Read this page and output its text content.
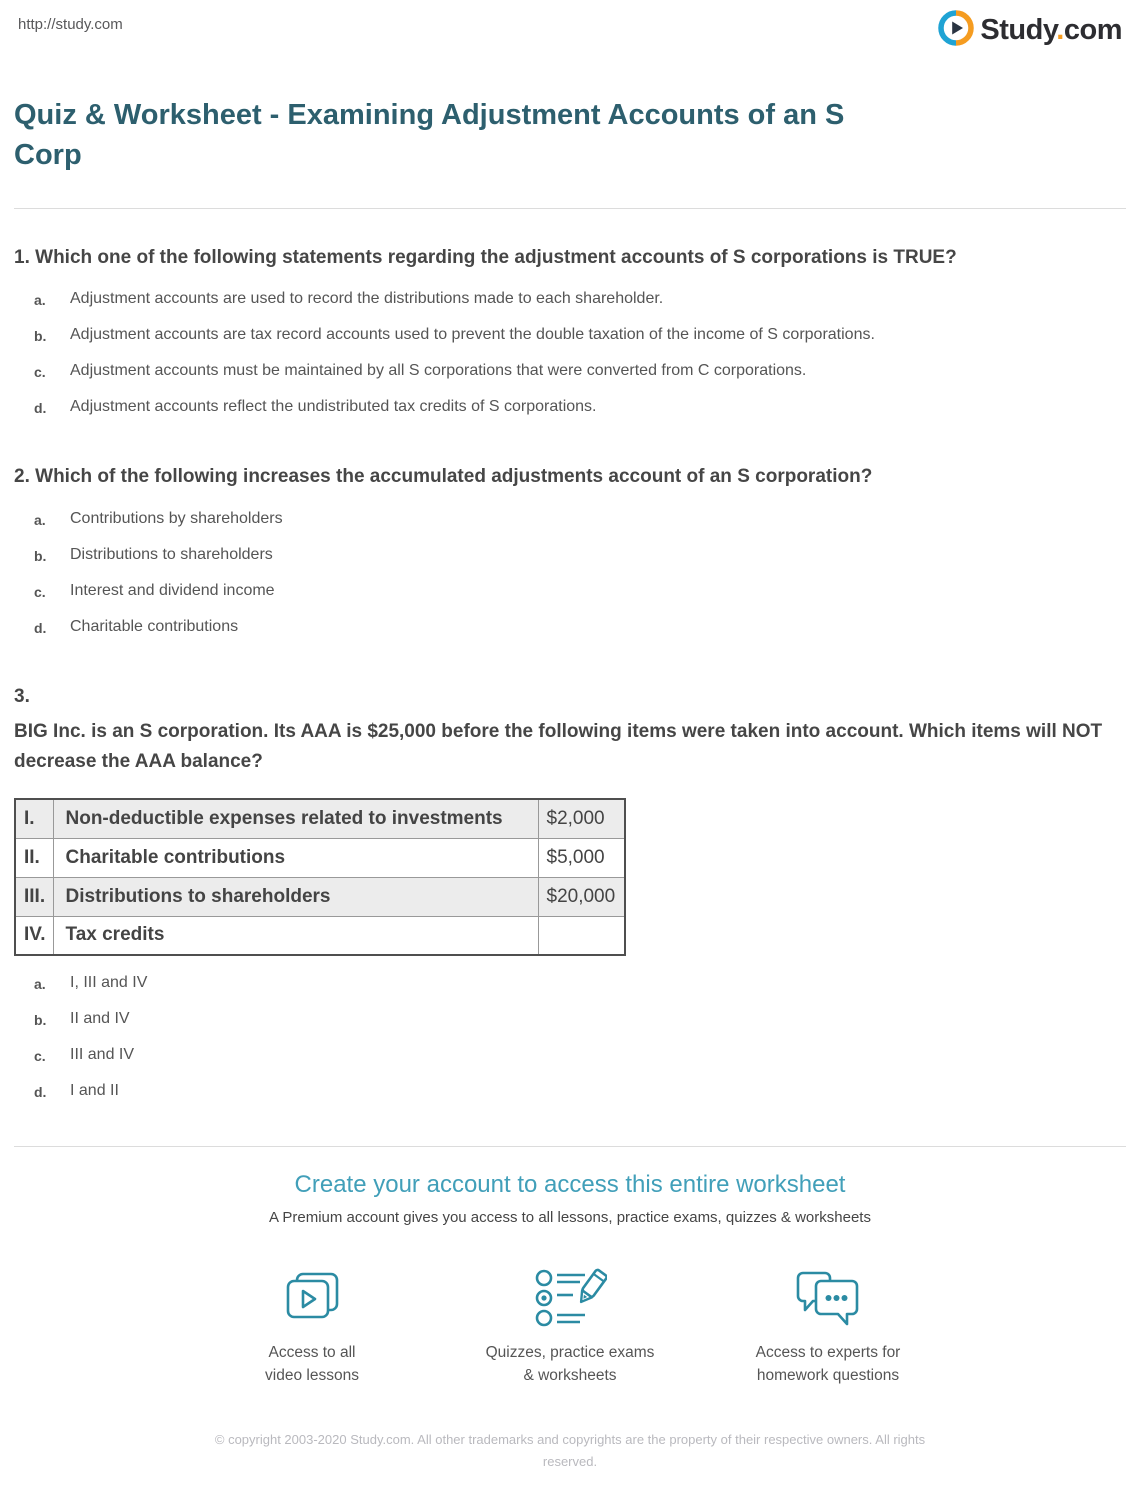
http://study.com	Study.com
Quiz & Worksheet - Examining Adjustment Accounts of an S Corp
1. Which one of the following statements regarding the adjustment accounts of S corporations is TRUE?
a.	Adjustment accounts are used to record the distributions made to each shareholder.
b.	Adjustment accounts are tax record accounts used to prevent the double taxation of the income of S corporations.
c.	Adjustment accounts must be maintained by all S corporations that were converted from C corporations.
d.	Adjustment accounts reflect the undistributed tax credits of S corporations.
2. Which of the following increases the accumulated adjustments account of an S corporation?
a.	Contributions by shareholders
b.	Distributions to shareholders
c.	Interest and dividend income
d.	Charitable contributions
3.
BIG Inc. is an S corporation. Its AAA is $25,000 before the following items were taken into account. Which items will NOT decrease the AAA balance?
I.	Non-deductible expenses related to investments	$2,000
II.	Charitable contributions	$5,000
III.	Distributions to shareholders	$20,000
IV.	Tax credits	
a.	I, III and IV
b.	II and IV
c.	III and IV
d.	I and II
Create your account to access this entire worksheet
A Premium account gives you access to all lessons, practice exams, quizzes & worksheets
Access to all video lessons
Quizzes, practice exams & worksheets
Access to experts for homework questions
© copyright 2003-2020 Study.com. All other trademarks and copyrights are the property of their respective owners. All rights reserved.
